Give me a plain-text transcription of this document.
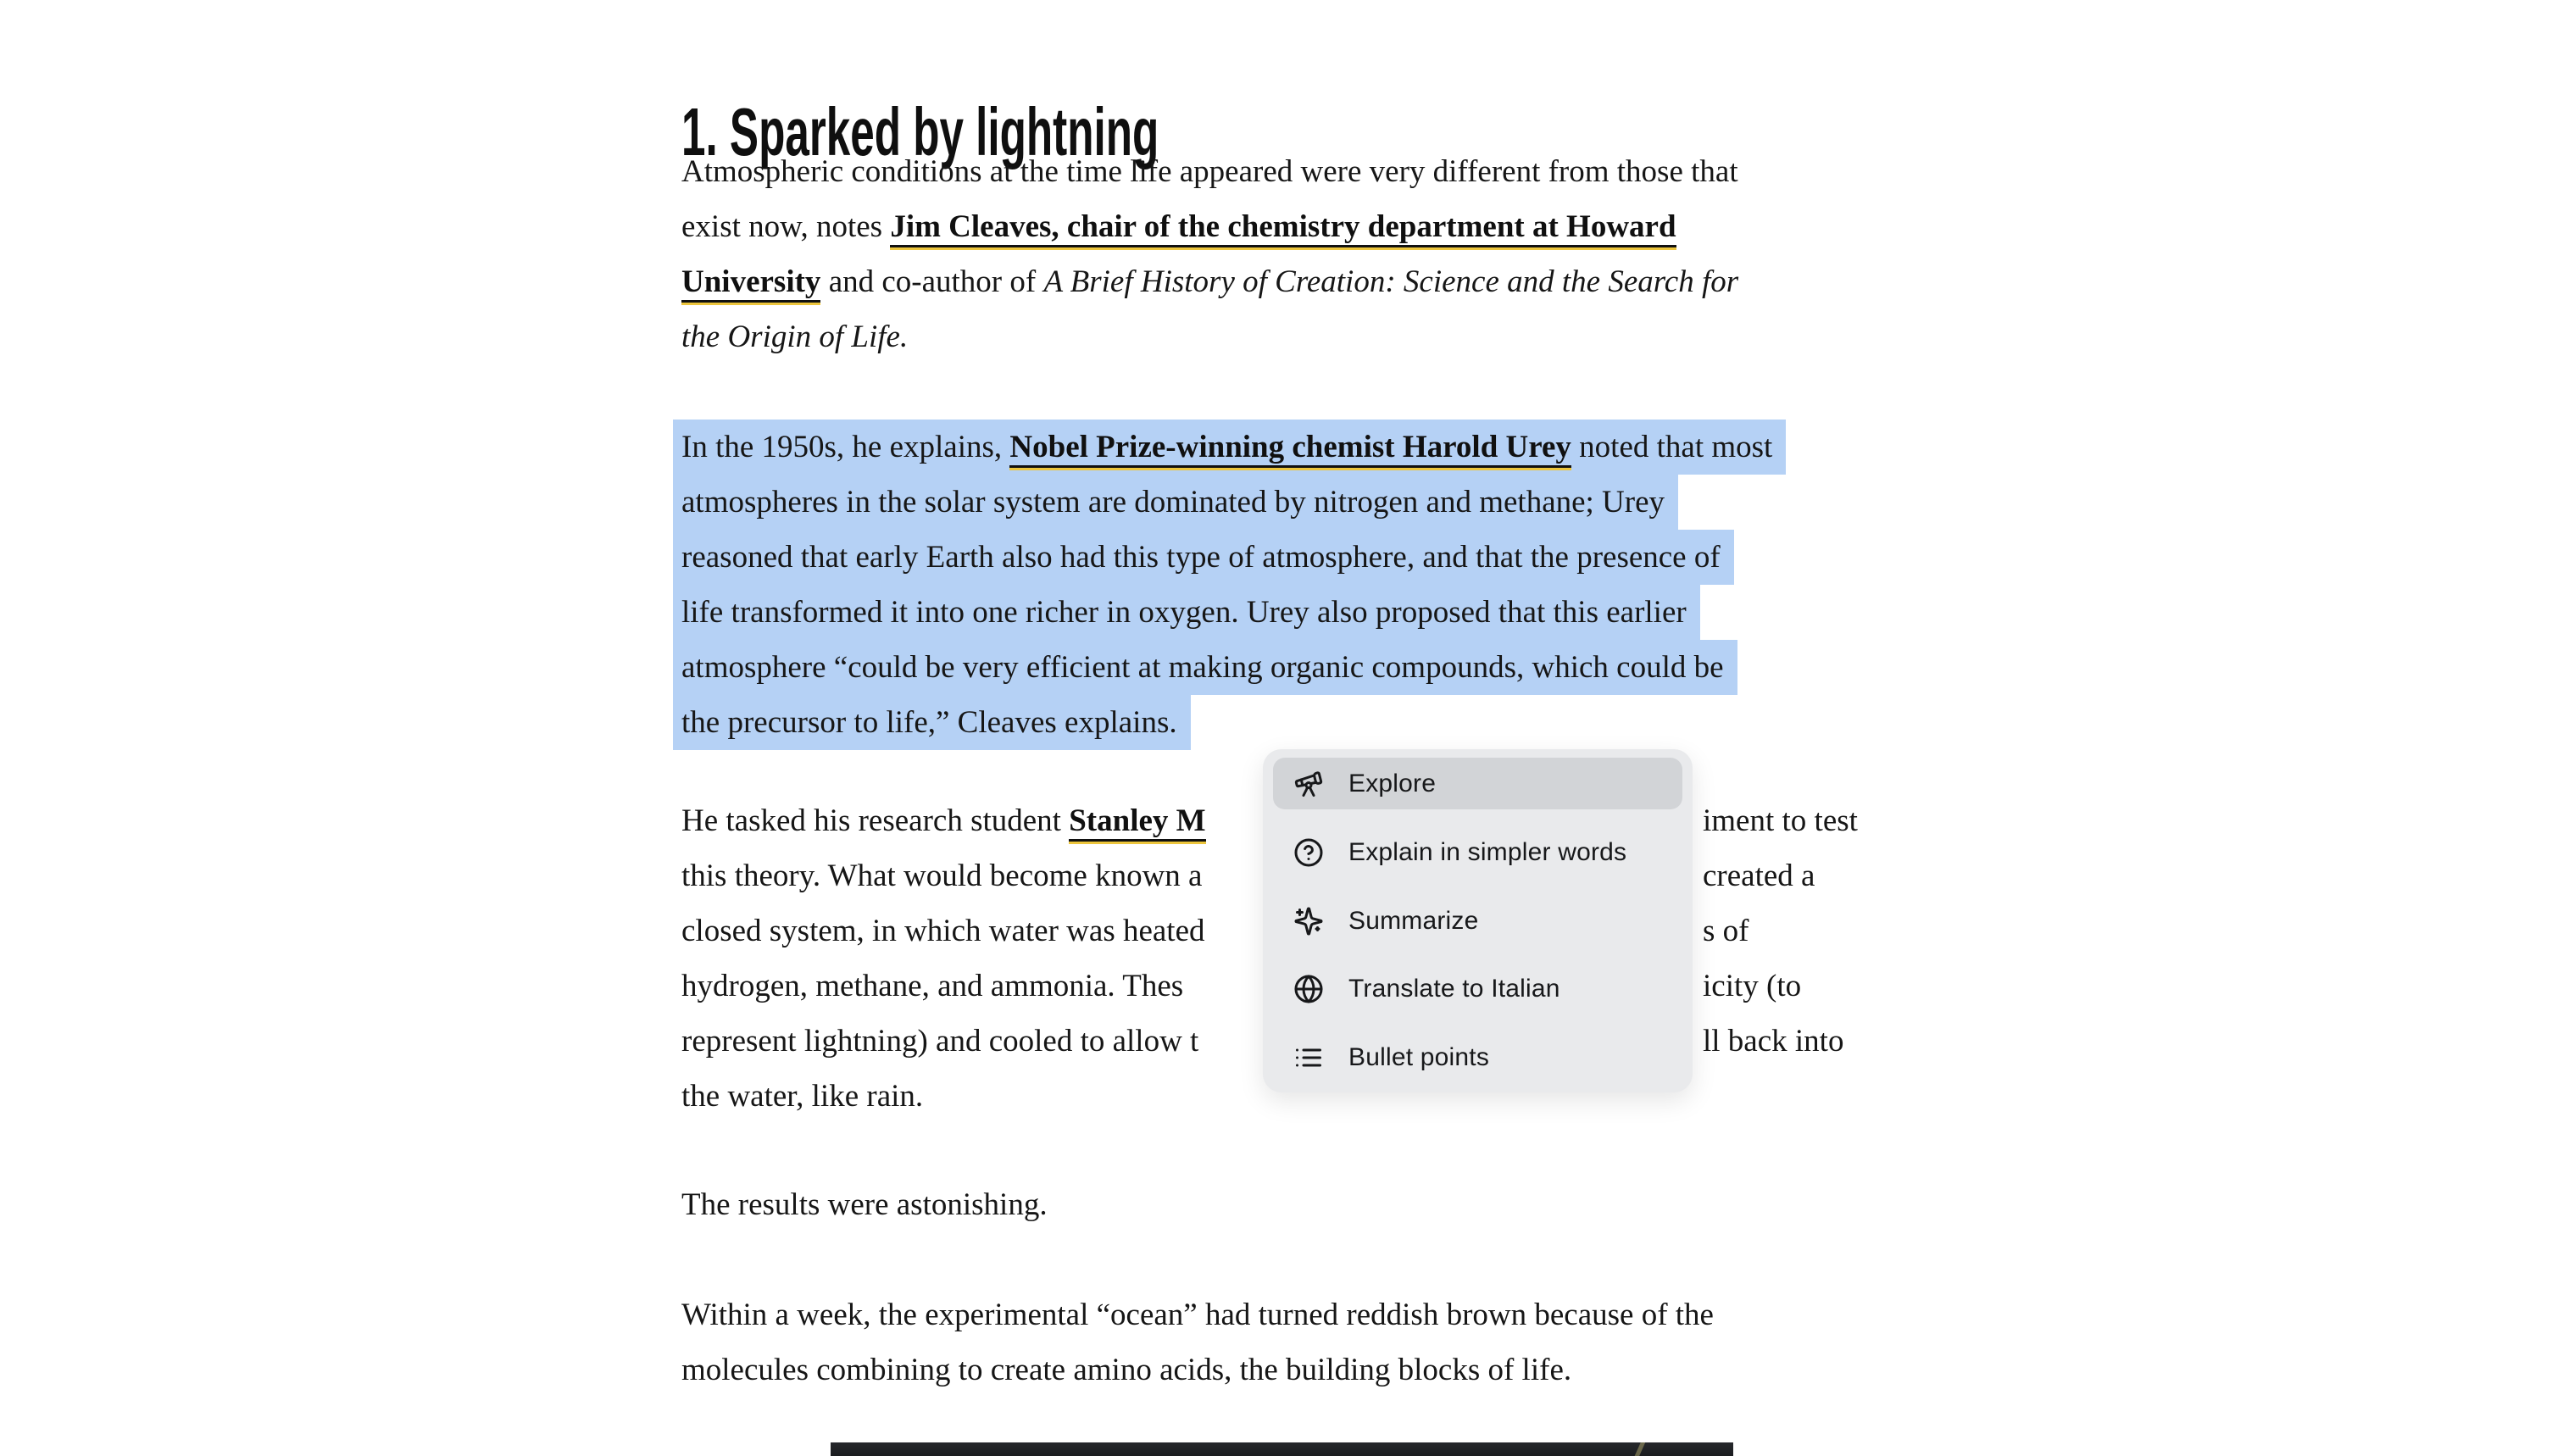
1. Sparked by lightning
Atmospheric conditions at the time life appeared were very different from those that
exist now, notes Jim Cleaves, chair of the chemistry department at Howard
University and co-author of A Brief History of Creation: Science and the Search for
the Origin of Life.
In the 1950s, he explains, Nobel Prize-winning chemist Harold Urey noted that most
atmospheres in the solar system are dominated by nitrogen and methane; Urey
reasoned that early Earth also had this type of atmosphere, and that the presence of
life transformed it into one richer in oxygen. Urey also proposed that this earlier
atmosphere “could be very efficient at making organic compounds, which could be
the precursor to life,” Cleaves explains.
He tasked his research student Stanley M	iment to test
this theory. What would become known a	created a
closed system, in which water was heated	s of
hydrogen, methane, and ammonia. Thes	icity (to
represent lightning) and cooled to allow t	ll back into
the water, like rain.
The results were astonishing.
Within a week, the experimental “ocean” had turned reddish brown because of the
molecules combining to create amino acids, the building blocks of life.
Explore
Explain in simpler words
Summarize
Translate to Italian
Bullet points
